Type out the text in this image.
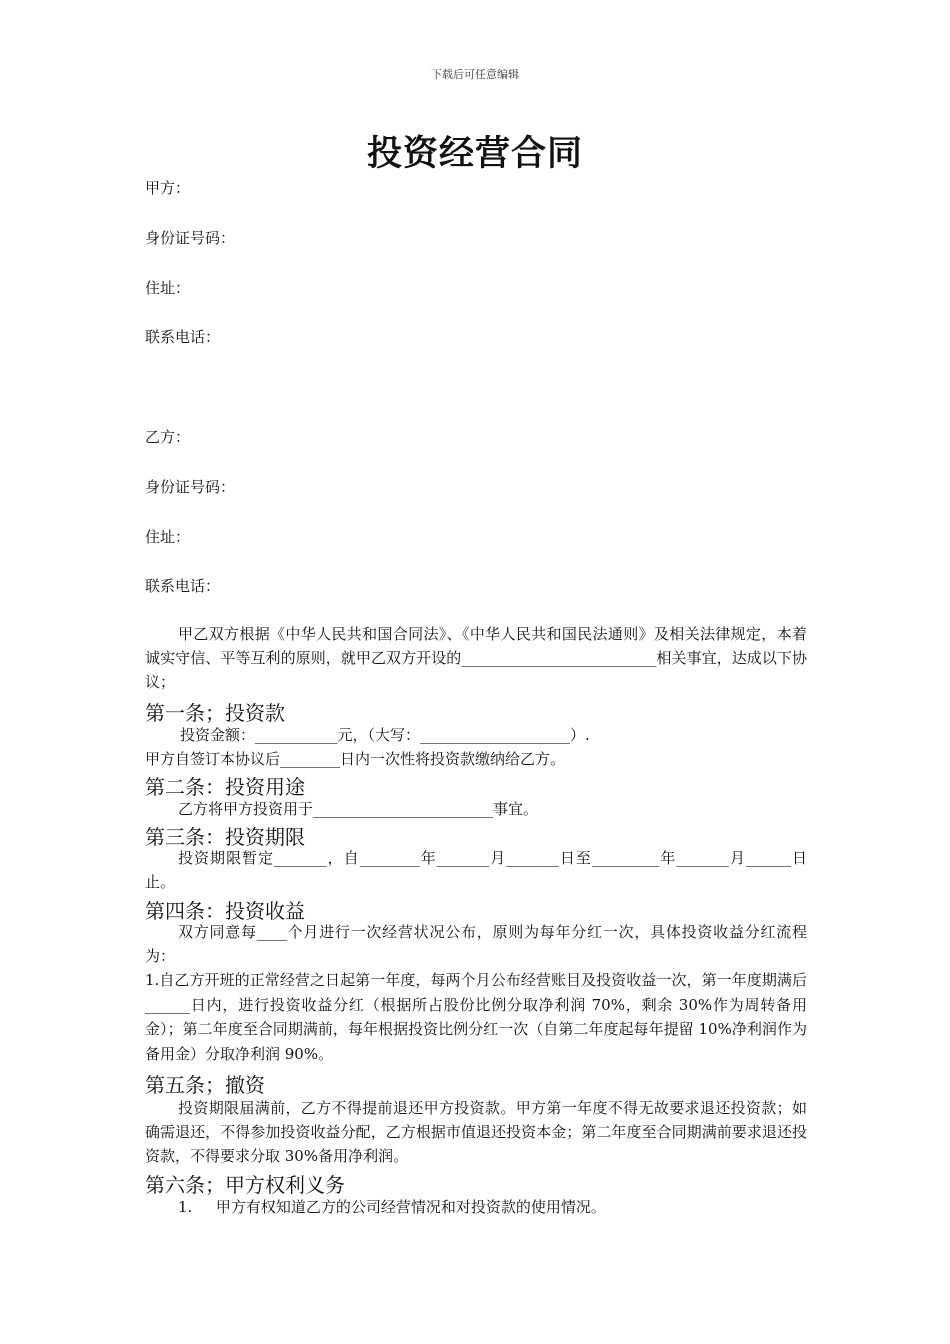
下载后可任意编辑
投资经营合同
甲方：
身份证号码：
住址：
联系电话：
乙方：
身份证号码：
住址：
联系电话：
甲乙双方根据《中华人民共和国合同法》、《中华人民共和国民法通则》及相关法律规定，本着诚实守信、平等互利的原则，就甲乙双方开设的__________________________相关事宜，达成以下协议；
第一条；投资款
投资金额：___________元，（大写：____________________）.
甲方自签订本协议后________日内一次性将投资款缴纳给乙方。
第二条：投资用途
乙方将甲方投资用于________________________事宜。
第三条：投资期限
投资期限暂定_______，自________年_______月_______日至_________年_______月______日止。
第四条：投资收益
双方同意每____个月进行一次经营状况公布，原则为每年分红一次，具体投资收益分红流程为：
1.自乙方开班的正常经营之日起第一年度，每两个月公布经营账目及投资收益一次，第一年度期满后______日内，进行投资收益分红（根据所占股份比例分取净利润 70%，剩余 30%作为周转备用金）；第二年度至合同期满前，每年根据投资比例分红一次（自第二年度起每年提留 10%净利润作为备用金）分取净利润 90%。
第五条；撤资
投资期限届满前，乙方不得提前退还甲方投资款。甲方第一年度不得无故要求退还投资款；如确需退还，不得参加投资收益分配，乙方根据市值退还投资本金；第二年度至合同期满前要求退还投资款，不得要求分取 30%备用净利润。
第六条；甲方权利义务
1. 甲方有权知道乙方的公司经营情况和对投资款的使用情况。
